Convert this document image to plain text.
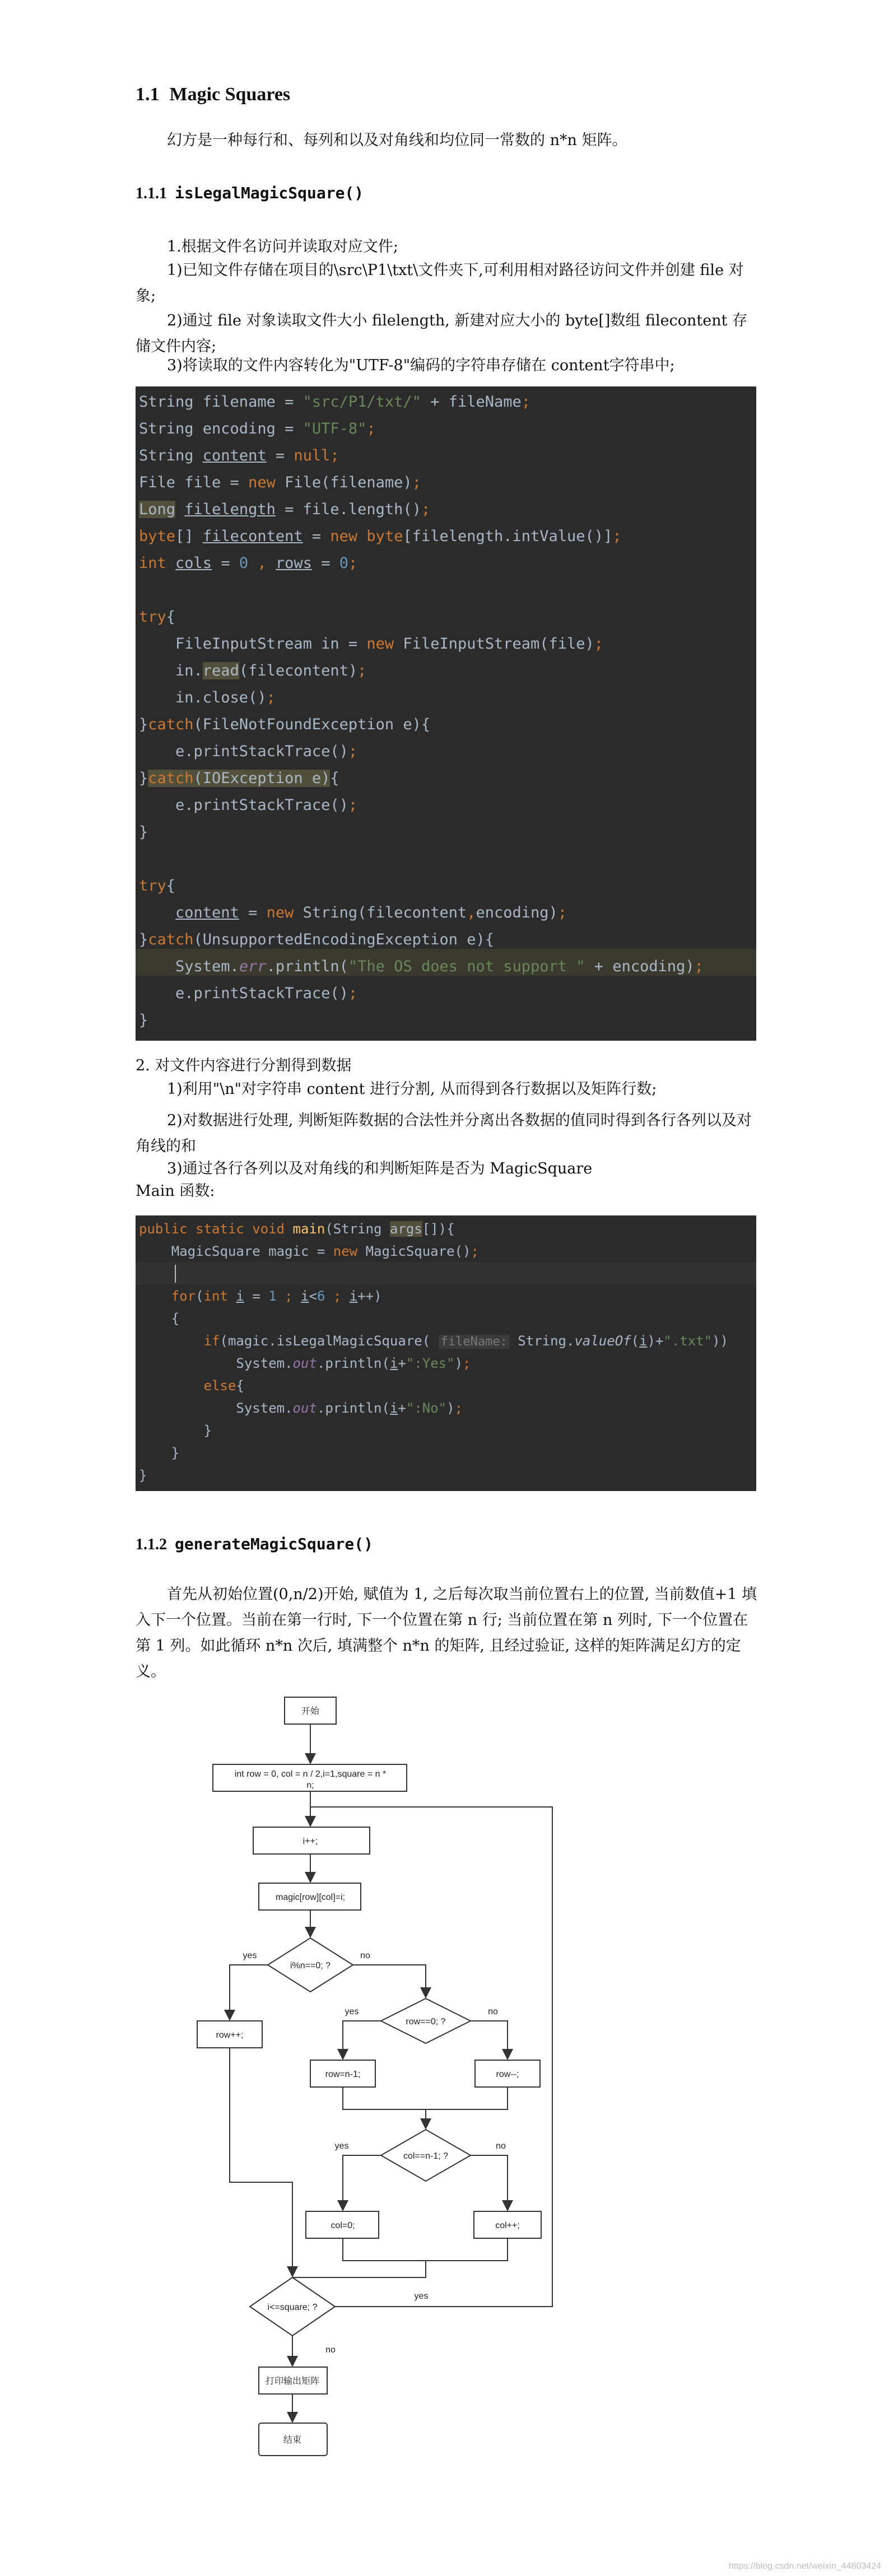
1.1 Magic Squares

幻方是一种每行和、每列和以及对角线和均位同一常数的 n*n 矩阵。

1.1.1 isLegalMagicSquare()

1.根据文件名访问并读取对应文件;

1)已知文件存储在项目的\src\P1\txt\文件夹下,可利用相对路径访问文件并创建 file 对象;

2)通过 file 对象读取文件大小 filelength, 新建对应大小的 byte[]数组 filecontent 存储文件内容;

3)将读取的文件内容转化为"UTF-8"编码的字符串存储在 content字符串中;

String filename = "src/P1/txt/" + fileName;
String encoding = "UTF-8";
String content = null;
File file = new File(filename);
Long filelength = file.length();
byte[] filecontent = new byte[filelength.intValue()];
int cols = 0 , rows = 0;
try{
FileInputStream in = new FileInputStream(file);
in.read(filecontent);
in.close();
}catch(FileNotFoundException e){
e.printStackTrace();
}catch(IOException e){
e.printStackTrace();
}
try{
content = new String(filecontent,encoding);
}catch(UnsupportedEncodingException e){
System.err.println("The OS does not support " + encoding);
e.printStackTrace();
}

2. 对文件内容进行分割得到数据

1)利用"\n"对字符串 content 进行分割, 从而得到各行数据以及矩阵行数;

2)对数据进行处理, 判断矩阵数据的合法性并分离出各数据的值同时得到各行各列以及对角线的和

3)通过各行各列以及对角线的和判断矩阵是否为 MagicSquare

Main 函数:

public static void main(String args[]){
MagicSquare magic = new MagicSquare();
for(int i = 1 ; i<6 ; i++)
{
if(magic.isLegalMagicSquare( fileName: String.valueOf(i)+".txt"))
System.out.println(i+":Yes");
else{
System.out.println(i+":No");
}
}
}
1.1.2 generateMagicSquare()

首先从初始位置(0,n/2)开始, 赋值为 1, 之后每次取当前位置右上的位置, 当前数值+1 填入下一个位置。当前在第一行时, 下一个位置在第 n 行; 当前位置在第 n 列时, 下一个位置在第 1 列。如此循环 n*n 次后, 填满整个 n*n 的矩阵, 且经过验证, 这样的矩阵满足幻方的定义。

开始
int row = 0, col = n / 2,i=1,square = n *
n;
i++;
magic[row][col]=i;
i%n==0; ?
row++;
row==0; ?
row=n-1;	row--;
col==n-1; ?
col=0;	col++;
i<=square; ?
打印输出矩阵
结束
yes	no
yes	no
yes	no
yes
no
https://blog.csdn.net/weixin_44803424
